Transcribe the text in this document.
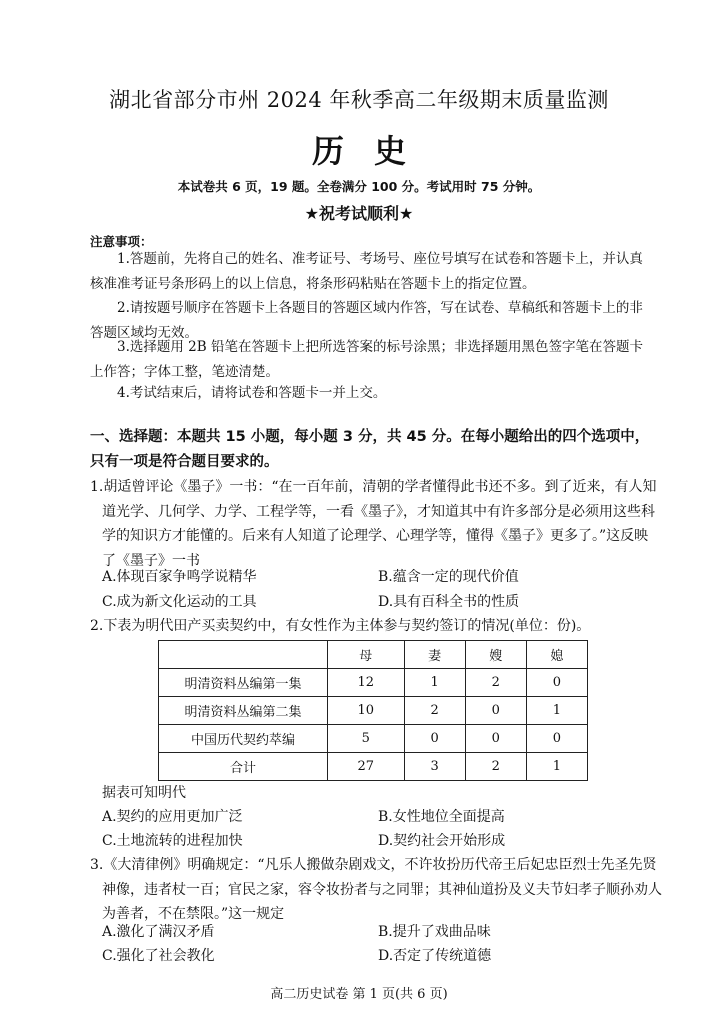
湖北省部分市州 2024 年秋季高二年级期末质量监测
历史
本试卷共 6 页，19 题。全卷满分 100 分。考试用时 75 分钟。
★祝考试顺利★
注意事项：
1.答题前，先将自己的姓名、准考证号、考场号、座位号填写在试卷和答题卡上，并认真核准准考证号条形码上的以上信息，将条形码粘贴在答题卡上的指定位置。
2.请按题号顺序在答题卡上各题目的答题区域内作答，写在试卷、草稿纸和答题卡上的非答题区域均无效。
3.选择题用 2B 铅笔在答题卡上把所选答案的标号涂黑；非选择题用黑色签字笔在答题卡上作答；字体工整，笔迹清楚。
4.考试结束后，请将试卷和答题卡一并上交。
一、选择题：本题共 15 小题，每小题 3 分，共 45 分。在每小题给出的四个选项中，只有一项是符合题目要求的。
1.胡适曾评论《墨子》一书：“在一百年前，清朝的学者懂得此书还不多。到了近来，有人知道光学、几何学、力学、工程学等，一看《墨子》，才知道其中有许多部分是必须用这些科学的知识方才能懂的。后来有人知道了论理学、心理学等，懂得《墨子》更多了。”这反映了《墨子》一书
A.体现百家争鸣学说精华	B.蕴含一定的现代价值
C.成为新文化运动的工具	D.具有百科全书的性质
2.下表为明代田产买卖契约中，有女性作为主体参与契约签订的情况(单位：份)。
	母	妻	嫂	媳
明清资料丛编第一集	12	1	2	0
明清资料丛编第二集	10	2	0	1
中国历代契约萃编	5	0	0	0
合计	27	3	2	1
据表可知明代
A.契约的应用更加广泛	B.女性地位全面提高
C.土地流转的进程加快	D.契约社会开始形成
3.《大清律例》明确规定：“凡乐人搬做杂剧戏文，不许妆扮历代帝王后妃忠臣烈士先圣先贤神像，违者杖一百；官民之家，容令妆扮者与之同罪；其神仙道扮及义夫节妇孝子顺孙劝人为善者，不在禁限。”这一规定
A.激化了满汉矛盾	B.提升了戏曲品味
C.强化了社会教化	D.否定了传统道德
高二历史试卷 第 1 页(共 6 页)
